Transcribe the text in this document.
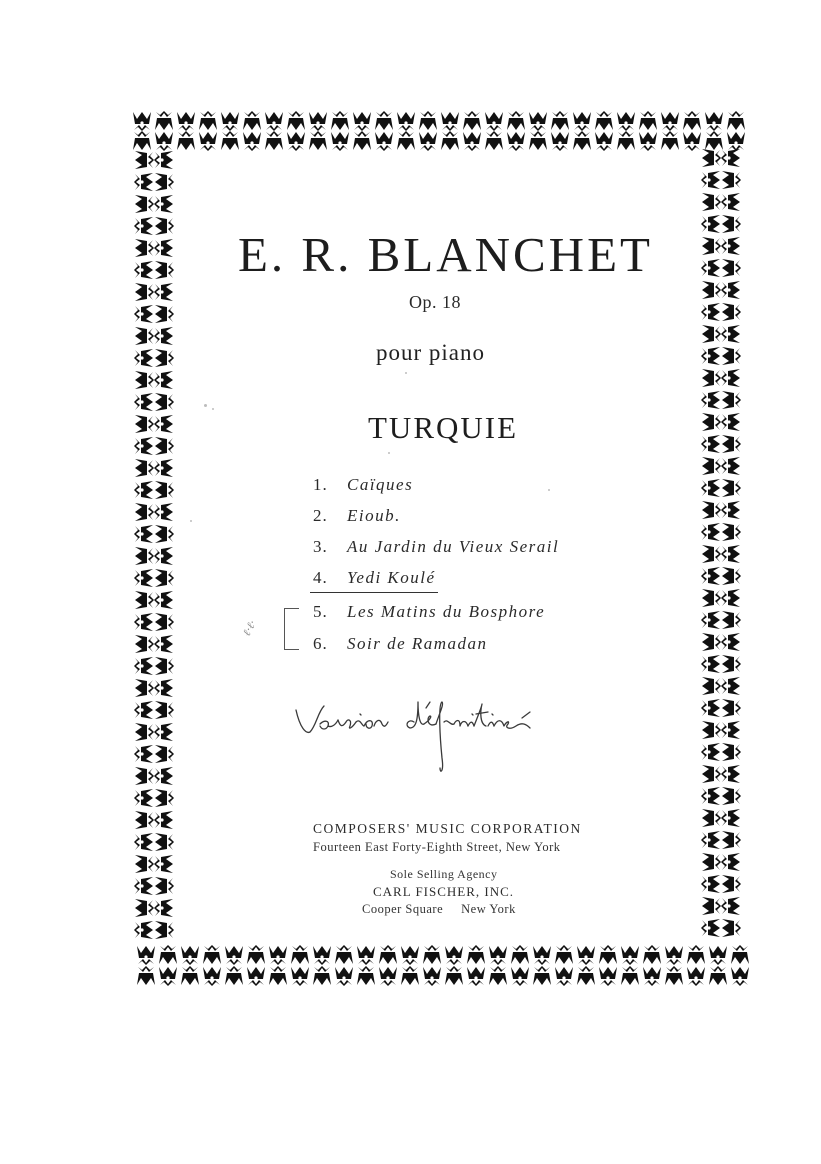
E. R. BLANCHET
Op. 18
pour piano
TURQUIE
1. Caïques
2. Eioub.
3. Au Jardin du Vieux Serail
4. Yedi Koulé
5. Les Matins du Bosphore
6. Soir de Ramadan
ℓ·ℓ·
COMPOSERS' MUSIC CORPORATION
Fourteen East Forty-Eighth Street, New York
Sole Selling Agency
CARL FISCHER, INC.
Cooper Square New York
